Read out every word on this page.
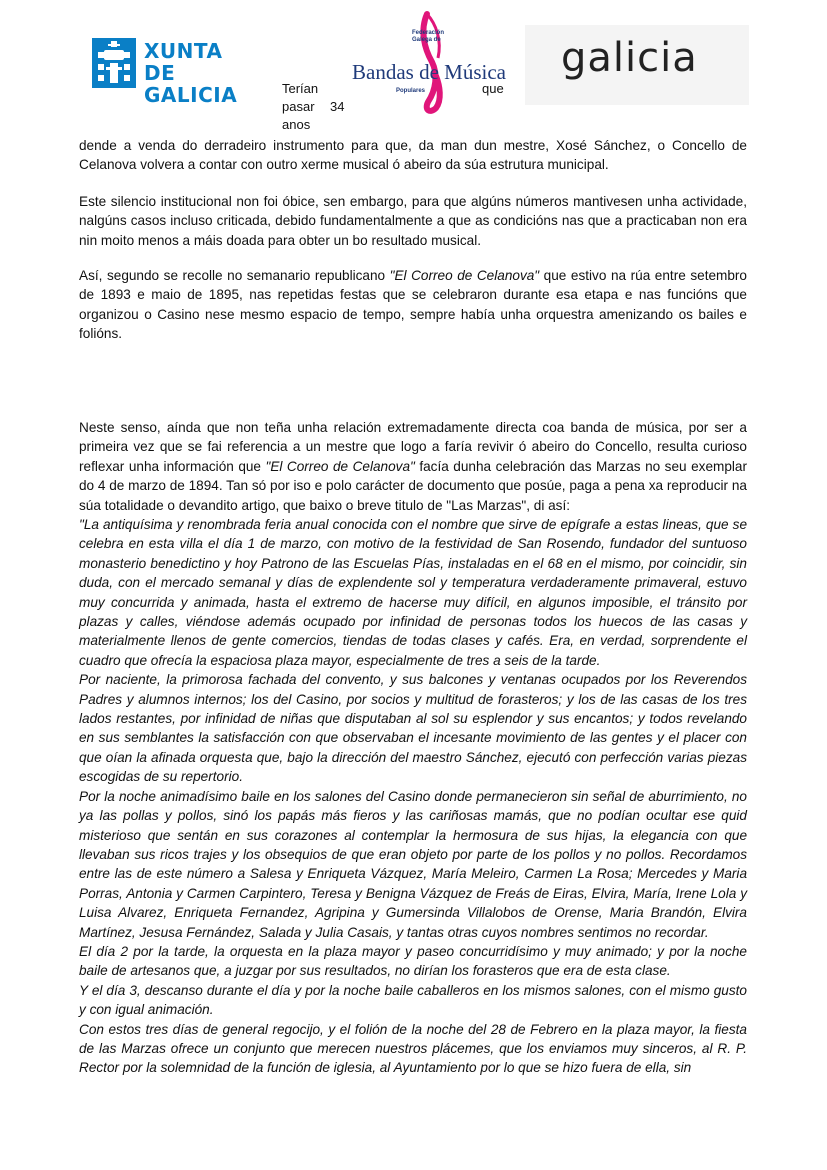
XUNTA
DE GALICIA
Federación
Galega de
Bandas de Música
Populares
galicia
Terían	que
pasar 34
anos

dende a venda do derradeiro instrumento para que, da man dun mestre, Xosé Sánchez, o Concello de Celanova volvera a contar con outro xerme musical ó abeiro da súa estrutura municipal.

Este silencio institucional non foi óbice, sen embargo, para que algúns números mantivesen unha actividade, nalgúns casos incluso criticada, debido fundamentalmente a que as condicións nas que a practicaban non era nin moito menos a máis doada para obter un bo resultado musical.

Así, segundo se recolle no semanario republicano "El Correo de Celanova" que estivo na rúa entre setembro de 1893 e maio de 1895, nas repetidas festas que se celebraron durante esa etapa e nas funcións que organizou o Casino nese mesmo espacio de tempo, sempre había unha orquestra amenizando os bailes e folións.

Neste senso, aínda que non teña unha relación extremadamente directa coa banda de música, por ser a primeira vez que se fai referencia a un mestre que logo a faría revivir ó abeiro do Concello, resulta curioso reflexar unha información que "El Correo de Celanova" facía dunha celebración das Marzas no seu exemplar do 4 de marzo de 1894. Tan só por iso e polo carácter de documento que posúe, paga a pena xa reproducir na súa totalidade o devandito artigo, que baixo o breve titulo de "Las Marzas", di así:

"La antiquísima y renombrada feria anual conocida con el nombre que sirve de epígrafe a estas lineas, que se celebra en esta villa el día 1 de marzo, con motivo de la festividad de San Rosendo, fundador del suntuoso monasterio benedictino y hoy Patrono de las Escuelas Pías, instaladas en el 68 en el mismo, por coincidir, sin duda, con el mercado semanal y días de explendente sol y temperatura verdaderamente primaveral, estuvo muy concurrida y animada, hasta el extremo de hacerse muy difícil, en algunos imposible, el tránsito por plazas y calles, viéndose además ocupado por infinidad de personas todos los huecos de las casas y materialmente llenos de gente comercios, tiendas de todas clases y cafés. Era, en verdad, sorprendente el cuadro que ofrecía la espaciosa plaza mayor, especialmente de tres a seis de la tarde.

Por naciente, la primorosa fachada del convento, y sus balcones y ventanas ocupados por los Reverendos Padres y alumnos internos; los del Casino, por socios y multitud de forasteros; y los de las casas de los tres lados restantes, por infinidad de niñas que disputaban al sol su esplendor y sus encantos; y todos revelando en sus semblantes la satisfacción con que observaban el incesante movimiento de las gentes y el placer con que oían la afinada orquesta que, bajo la dirección del maestro Sánchez, ejecutó con perfección varias piezas escogidas de su repertorio.

Por la noche animadísimo baile en los salones del Casino donde permanecieron sin señal de aburrimiento, no ya las pollas y pollos, sinó los papás más fieros y las cariñosas mamás, que no podían ocultar ese quid misterioso que sentán en sus corazones al contemplar la hermosura de sus hijas, la elegancia con que llevaban sus ricos trajes y los obsequios de que eran objeto por parte de los pollos y no pollos. Recordamos entre las de este número a Salesa y Enriqueta Vázquez, María Meleiro, Carmen La Rosa; Mercedes y Maria Porras, Antonia y Carmen Carpintero, Teresa y Benigna Vázquez de Freás de Eiras, Elvira, María, Irene Lola y Luisa Alvarez, Enriqueta Fernandez, Agripina y Gumersinda Villalobos de Orense, Maria Brandón, Elvira Martínez, Jesusa Fernández, Salada y Julia Casais, y tantas otras cuyos nombres sentimos no recordar.

El día 2 por la tarde, la orquesta en la plaza mayor y paseo concurridísimo y muy animado; y por la noche baile de artesanos que, a juzgar por sus resultados, no dirían los forasteros que era de esta clase.

Y el día 3, descanso durante el día y por la noche baile caballeros en los mismos salones, con el mismo gusto y con igual animación.

Con estos tres días de general regocijo, y el folión de la noche del 28 de Febrero en la plaza mayor, la fiesta de las Marzas ofrece un conjunto que merecen nuestros plácemes, que los enviamos muy sinceros, al R. P. Rector por la solemnidad de la función de iglesia, al Ayuntamiento por lo que se hizo fuera de ella, sin
